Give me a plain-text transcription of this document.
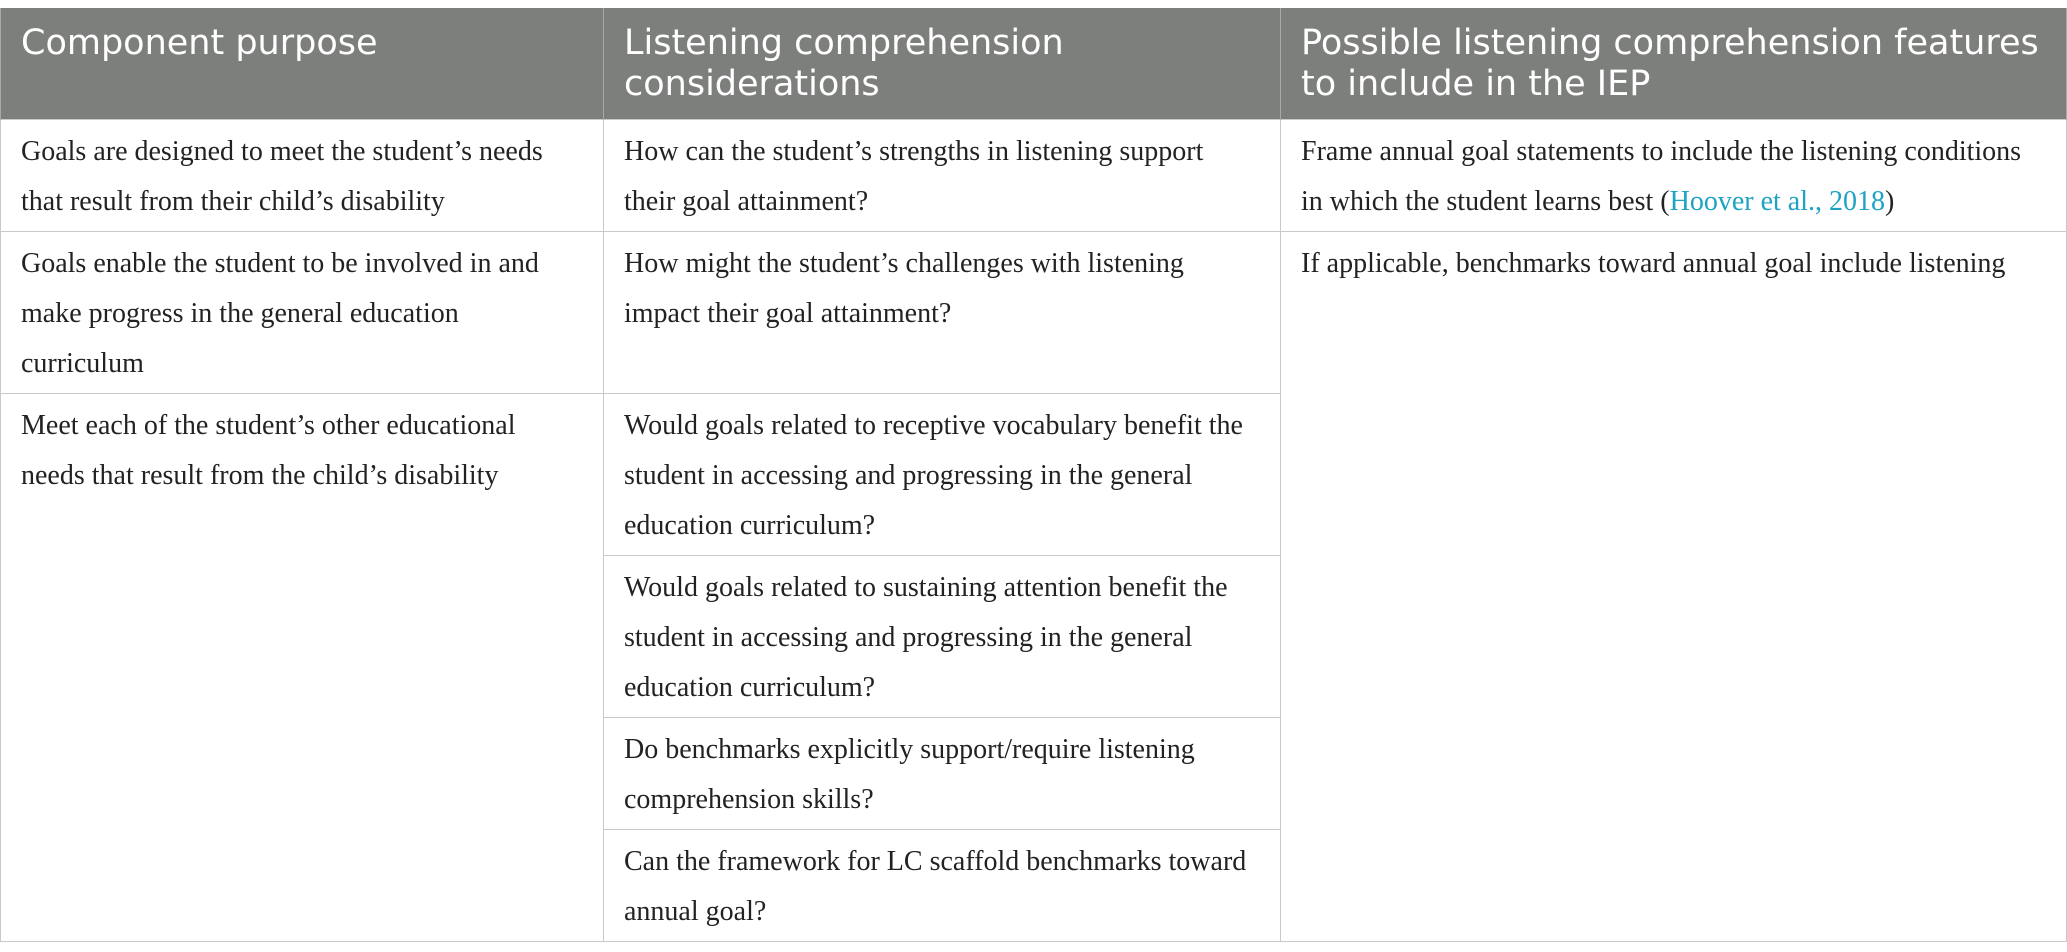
Component purpose	Listening comprehension considerations	Possible listening comprehension features to include in the IEP
Goals are designed to meet the student’s needs that result from their child’s disability	How can the student’s strengths in listening support their goal attainment?	Frame annual goal statements to include the listening conditions in which the student learns best (Hoover et al., 2018)
Goals enable the student to be involved in and make progress in the general education curriculum	How might the student’s challenges with listening impact their goal attainment?	If applicable, benchmarks toward annual goal include listening
Meet each of the student’s other educational needs that result from the child’s disability	Would goals related to receptive vocabulary benefit the student in accessing and progressing in the general education curriculum?	
	Would goals related to sustaining attention benefit the student in accessing and progressing in the general education curriculum?	
	Do benchmarks explicitly support/require listening comprehension skills?	
	Can the framework for LC scaffold benchmarks toward annual goal?	
